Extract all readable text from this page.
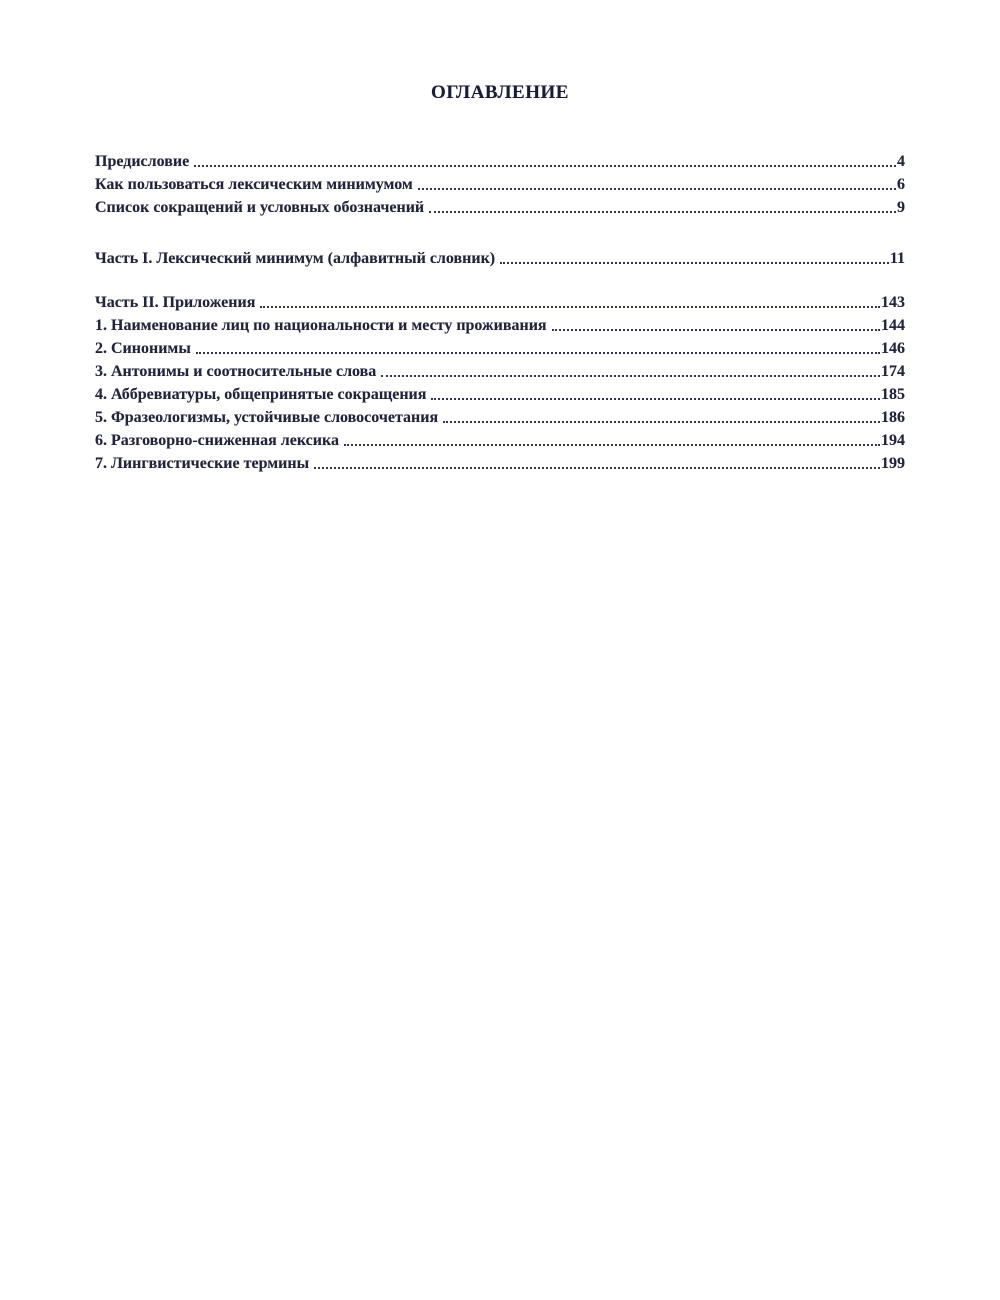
ОГЛАВЛЕНИЕ
Предисловие	4
Как пользоваться лексическим минимумом	6
Список сокращений и условных обозначений	9
Часть I. Лексический минимум (алфавитный словник)	11
Часть II. Приложения	143
1. Наименование лиц по национальности и месту проживания	144
2. Синонимы	146
3. Антонимы и соотносительные слова	174
4. Аббревиатуры, общепринятые сокращения	185
5. Фразеологизмы, устойчивые словосочетания	186
6. Разговорно-сниженная лексика	194
7. Лингвистические термины	199
